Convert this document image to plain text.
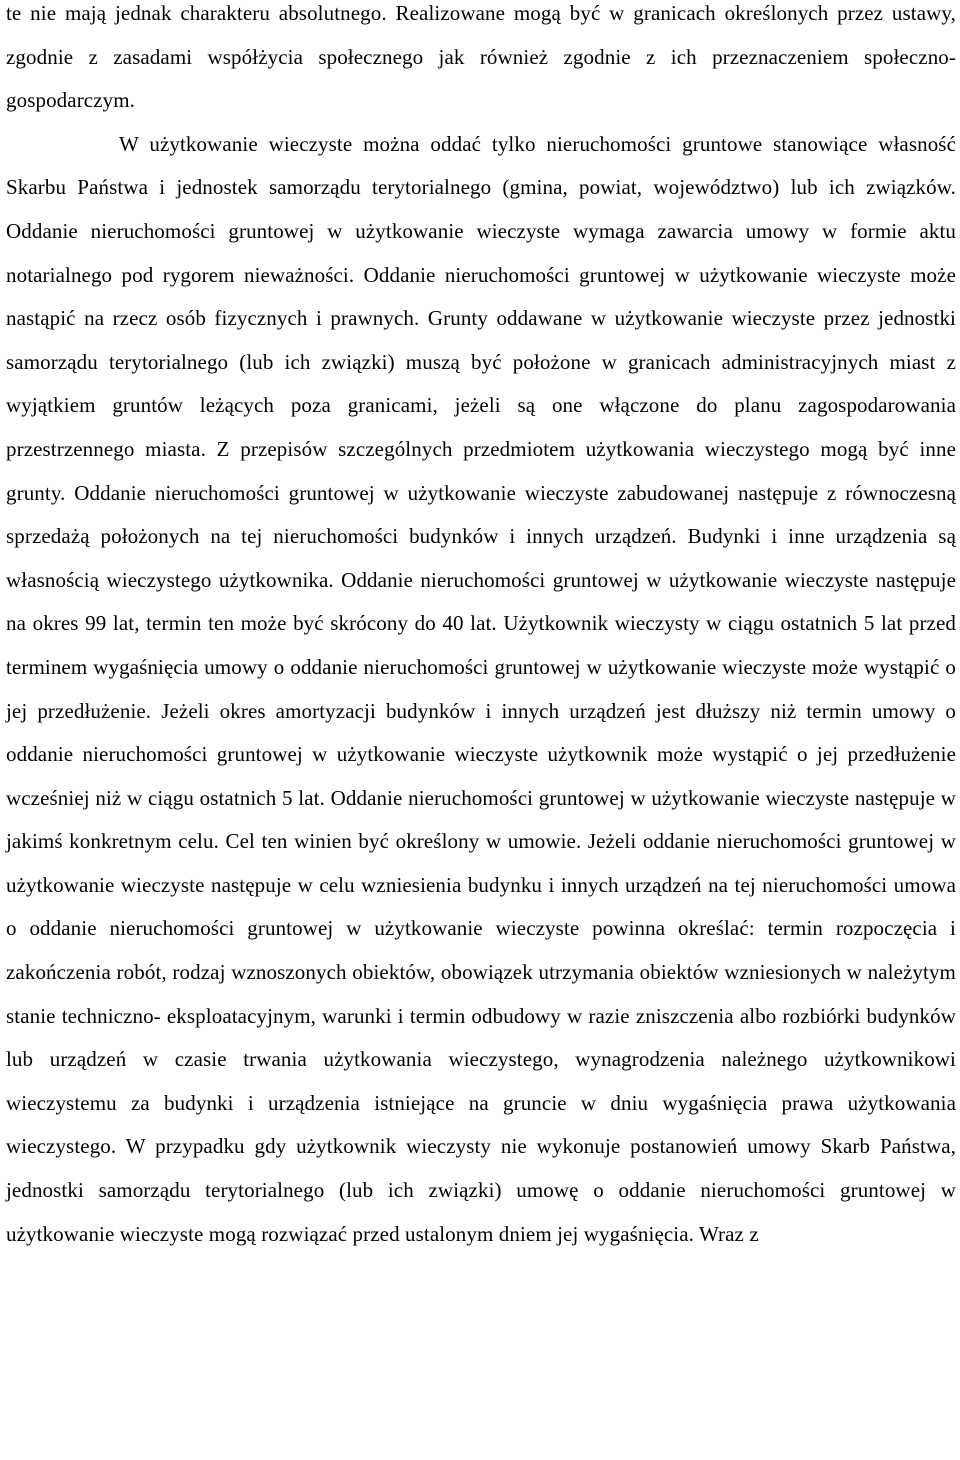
te nie mają jednak charakteru absolutnego. Realizowane mogą być w granicach określonych przez ustawy, zgodnie z zasadami współżycia społecznego jak również zgodnie z ich przeznaczeniem społeczno- gospodarczym.

W użytkowanie wieczyste można oddać tylko nieruchomości gruntowe stanowiące własność Skarbu Państwa i jednostek samorządu terytorialnego (gmina, powiat, województwo) lub ich związków. Oddanie nieruchomości gruntowej w użytkowanie wieczyste wymaga zawarcia umowy w formie aktu notarialnego pod rygorem nieważności. Oddanie nieruchomości gruntowej w użytkowanie wieczyste może nastąpić na rzecz osób fizycznych i prawnych. Grunty oddawane w użytkowanie wieczyste przez jednostki samorządu terytorialnego (lub ich związki) muszą być położone w granicach administracyjnych miast z wyjątkiem gruntów leżących poza granicami, jeżeli są one włączone do planu zagospodarowania przestrzennego miasta. Z przepisów szczególnych przedmiotem użytkowania wieczystego mogą być inne grunty. Oddanie nieruchomości gruntowej w użytkowanie wieczyste zabudowanej następuje z równoczesną sprzedażą położonych na tej nieruchomości budynków i innych urządzeń. Budynki i inne urządzenia są własnością wieczystego użytkownika. Oddanie nieruchomości gruntowej w użytkowanie wieczyste następuje na okres 99 lat, termin ten może być skrócony do 40 lat. Użytkownik wieczysty w ciągu ostatnich 5 lat przed terminem wygaśnięcia umowy o oddanie nieruchomości gruntowej w użytkowanie wieczyste może wystąpić o jej przedłużenie. Jeżeli okres amortyzacji budynków i innych urządzeń jest dłuższy niż termin umowy o oddanie nieruchomości gruntowej w użytkowanie wieczyste użytkownik może wystąpić o jej przedłużenie wcześniej niż w ciągu ostatnich 5 lat. Oddanie nieruchomości gruntowej w użytkowanie wieczyste następuje w jakimś konkretnym celu. Cel ten winien być określony w umowie. Jeżeli oddanie nieruchomości gruntowej w użytkowanie wieczyste następuje w celu wzniesienia budynku i innych urządzeń na tej nieruchomości umowa o oddanie nieruchomości gruntowej w użytkowanie wieczyste powinna określać: termin rozpoczęcia i zakończenia robót, rodzaj wznoszonych obiektów, obowiązek utrzymania obiektów wzniesionych w należytym stanie techniczno- eksploatacyjnym, warunki i termin odbudowy w razie zniszczenia albo rozbiórki budynków lub urządzeń w czasie trwania użytkowania wieczystego, wynagrodzenia należnego użytkownikowi wieczystemu za budynki i urządzenia istniejące na gruncie w dniu wygaśnięcia prawa użytkowania wieczystego. W przypadku gdy użytkownik wieczysty nie wykonuje postanowień umowy Skarb Państwa, jednostki samorządu terytorialnego (lub ich związki) umowę o oddanie nieruchomości gruntowej w użytkowanie wieczyste mogą rozwiązać przed ustalonym dniem jej wygaśnięcia. Wraz z
